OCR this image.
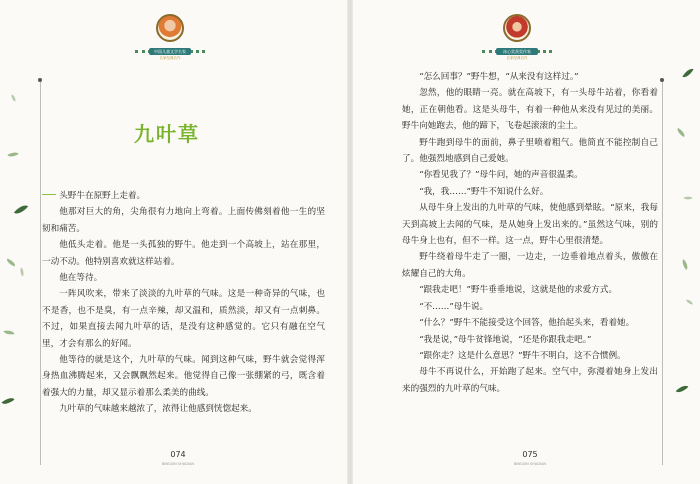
中国儿童文学名家
名家经典名作
九叶草

头野牛在原野上走着。

他那对巨大的角，尖角很有力地向上弯着。上面传佛刻着他一生的坚韧和痛苦。

他低头走着。他是一头孤独的野牛。他走到一个高坡上，站在那里，一动不动。他特别喜欢就这样站着。

他在等待。

一阵风吹来，带来了淡淡的九叶草的气味。这是一种奇异的气味，也不是香，也不是臭，有一点辛辣，却又温和，质然淡，却又有一点刺鼻。不过，如果直接去闻九叶草的话，是没有这种感觉的。它只有融在空气里，才会有那么的好闻。

他等待的就是这个，九叶草的气味。闻到这种气味，野牛就会觉得浑身热血沸腾起来，又会飘飘然起来。他觉得自己像一张绷紧的弓，既含着着强大的力量，却又显示着那么柔美的曲线。

九叶草的气味越来越浓了，浓得让他感到恍惚起来。

074
BINGXIN SHUDIAN
冰心奖获奖作家
名家经典名作

“怎么回事？”野牛想，“从来没有这样过。”

忽然，他的眼睛一亮。就在高坡下，有一头母牛站着，你看着她，正在朝他看。这是头母牛，有着一种他从来没有见过的美丽。野牛向她跑去，他的蹄下，飞卷起滚滚的尘土。

野牛跑到母牛的面前，鼻子里喷着粗气。他简直不能控制自己了。他强烈地感到自己爱她。

“你看见我了？”母牛问，她的声音很温柔。

“我，我……”野牛不知说什么好。

从母牛身上发出的九叶草的气味，使他感到晕眩。“原来，我每天到高坡上去闻的气味，是从她身上发出来的。”虽然这气味，别的母牛身上也有，但不一样。这一点，野牛心里很清楚。

野牛绕着母牛走了一圈，一边走，一边垂着地点着头，傲傲在炫耀自己的大角。

“跟我走吧！”野牛垂垂地说，这就是他的求爱方式。

“不……”母牛说。

“什么？”野牛不能接受这个回答，他抬起头来，看着她。

“我是说，”母牛贫锋地说，“还是你跟我走吧。”

“跟你走？这是什么意思？”野牛不明白，这不合惯例。

母牛不再说什么，开始跑了起来。空气中，弥漫着她身上发出来的强烈的九叶草的气味。

075
BINGXIN SHUDIAN
